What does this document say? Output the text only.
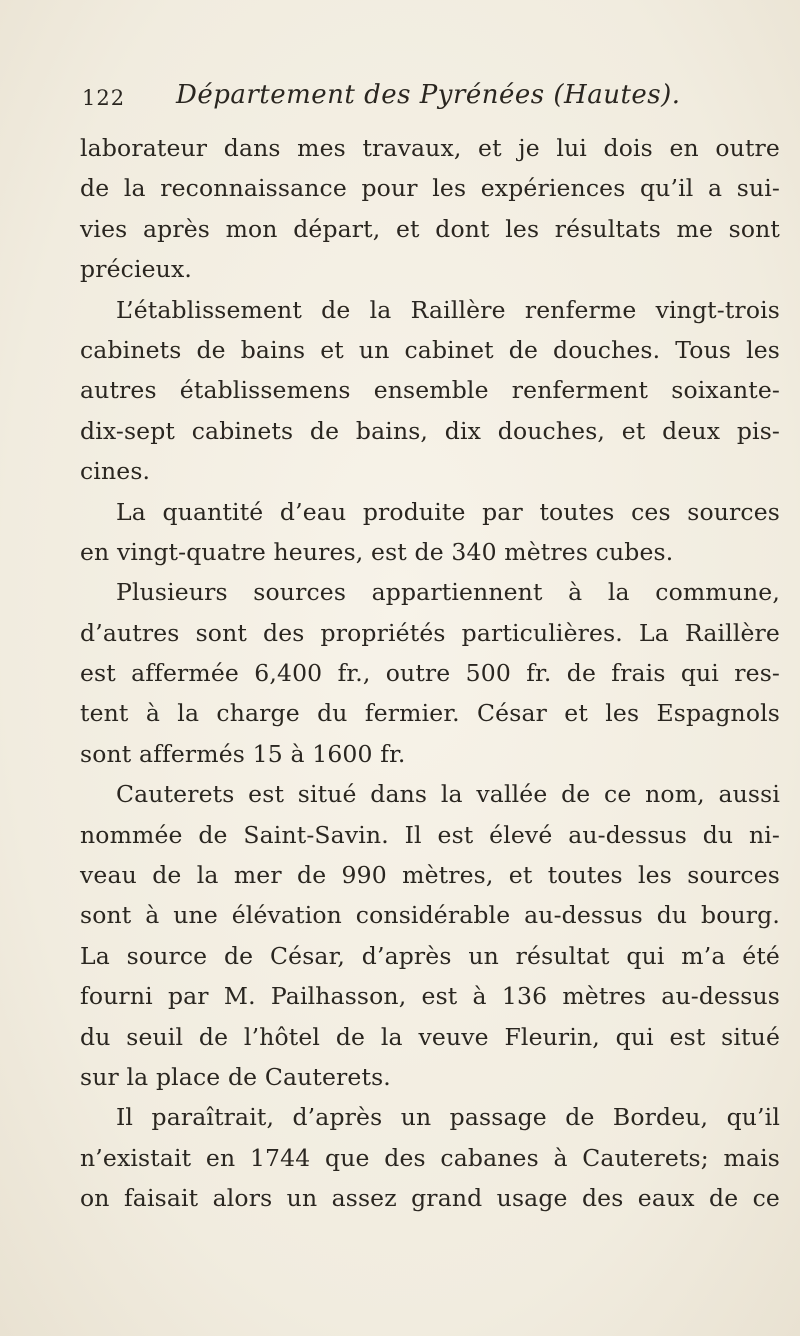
122 Département des Pyrénées (Hautes).
laborateur dans mes travaux, et je lui dois en outre
de la reconnaissance pour les expériences qu’il a sui-
vies après mon départ, et dont les résultats me sont
précieux.
L’établissement de la Raillère renferme vingt-trois
cabinets de bains et un cabinet de douches. Tous les
autres établissemens ensemble renferment soixante-
dix-sept cabinets de bains, dix douches, et deux pis-
cines.
La quantité d’eau produite par toutes ces sources
en vingt-quatre heures, est de 340 mètres cubes.
Plusieurs sources appartiennent à la commune,
d’autres sont des propriétés particulières. La Raillère
est affermée 6,400 fr., outre 500 fr. de frais qui res-
tent à la charge du fermier. César et les Espagnols
sont affermés 15 à 1600 fr.
Cauterets est situé dans la vallée de ce nom, aussi
nommée de Saint-Savin. Il est élevé au-dessus du ni-
veau de la mer de 990 mètres, et toutes les sources
sont à une élévation considérable au-dessus du bourg.
La source de César, d’après un résultat qui m’a été
fourni par M. Pailhasson, est à 136 mètres au-dessus
du seuil de l’hôtel de la veuve Fleurin, qui est situé
sur la place de Cauterets.
Il paraîtrait, d’après un passage de Bordeu, qu’il
n’existait en 1744 que des cabanes à Cauterets; mais
on faisait alors un assez grand usage des eaux de ce
